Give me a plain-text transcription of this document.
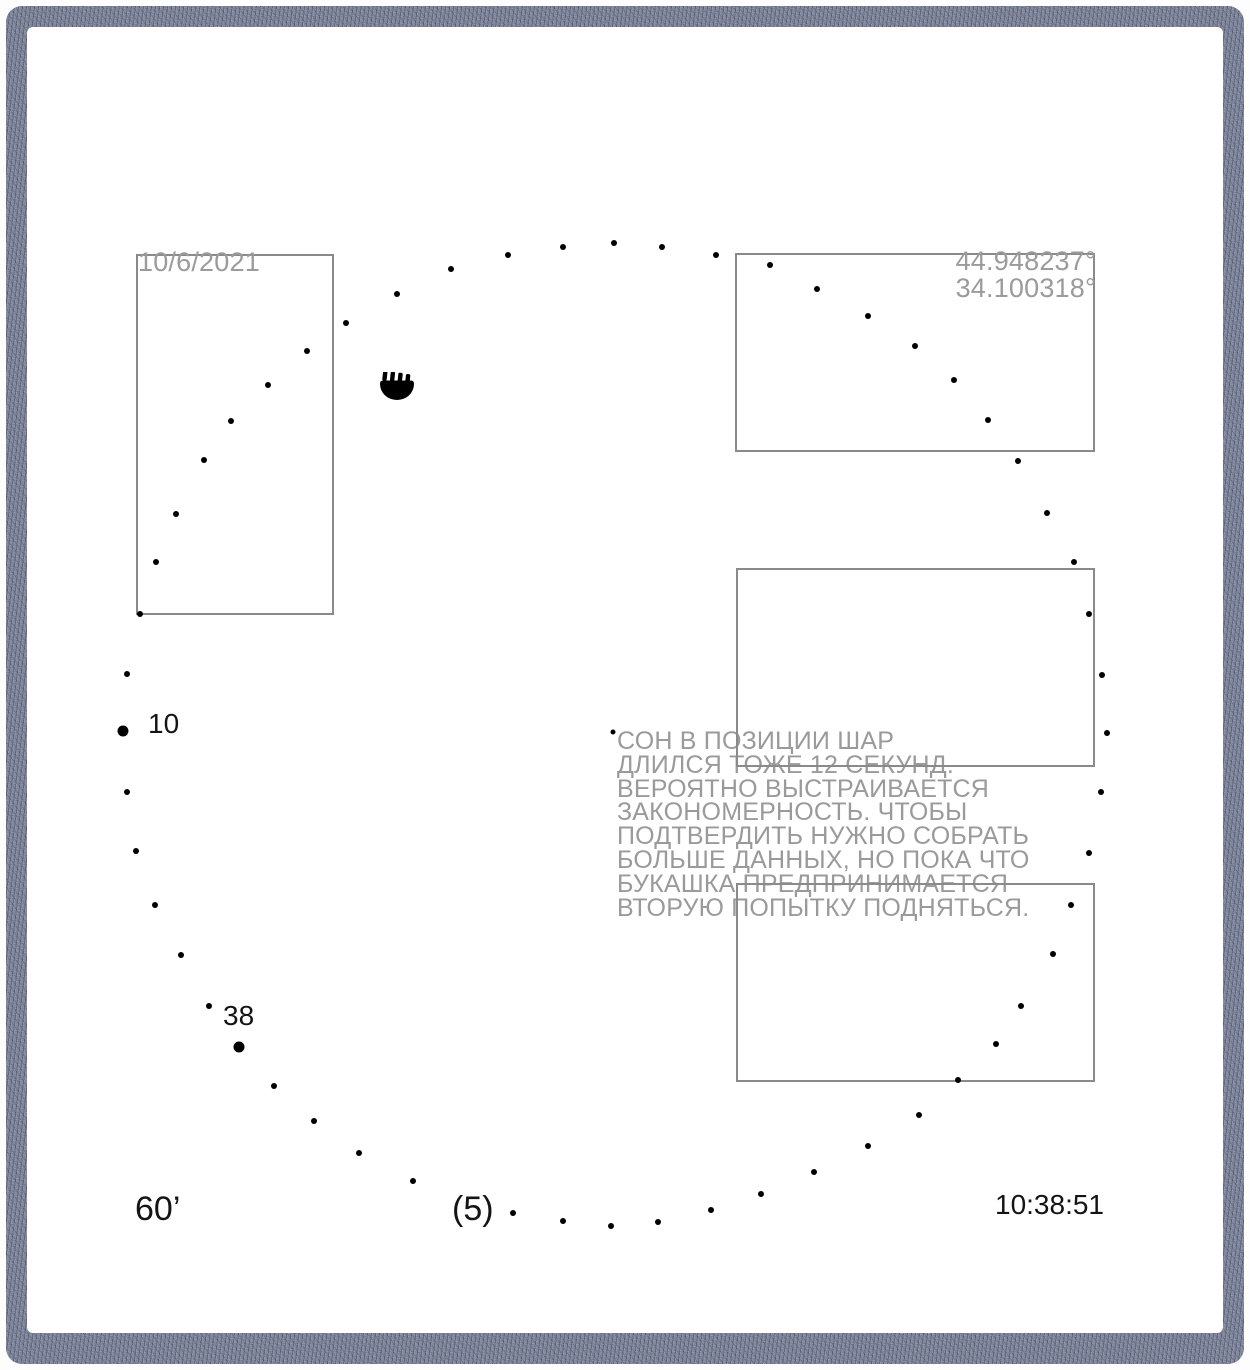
СОН В ПОЗИЦИИ ШАР
ДЛИЛСЯ ТОЖЕ 12 СЕКУНД.
ВЕРОЯТНО ВЫСТРАИВАЕТСЯ
ЗАКОНОМЕРНОСТЬ. ЧТОБЫ
ПОДТВЕРДИТЬ НУЖНО СОБРАТЬ
БОЛЬШЕ ДАННЫХ, НО ПОКА ЧТО
БУКАШКА ПРЕДПРИНИМАЕТСЯ
ВТОРУЮ ПОПЫТКУ ПОДНЯТЬСЯ.
10/6/2021	44.948237°
34.100318°
10
38
60’	(5)	10:38:51
